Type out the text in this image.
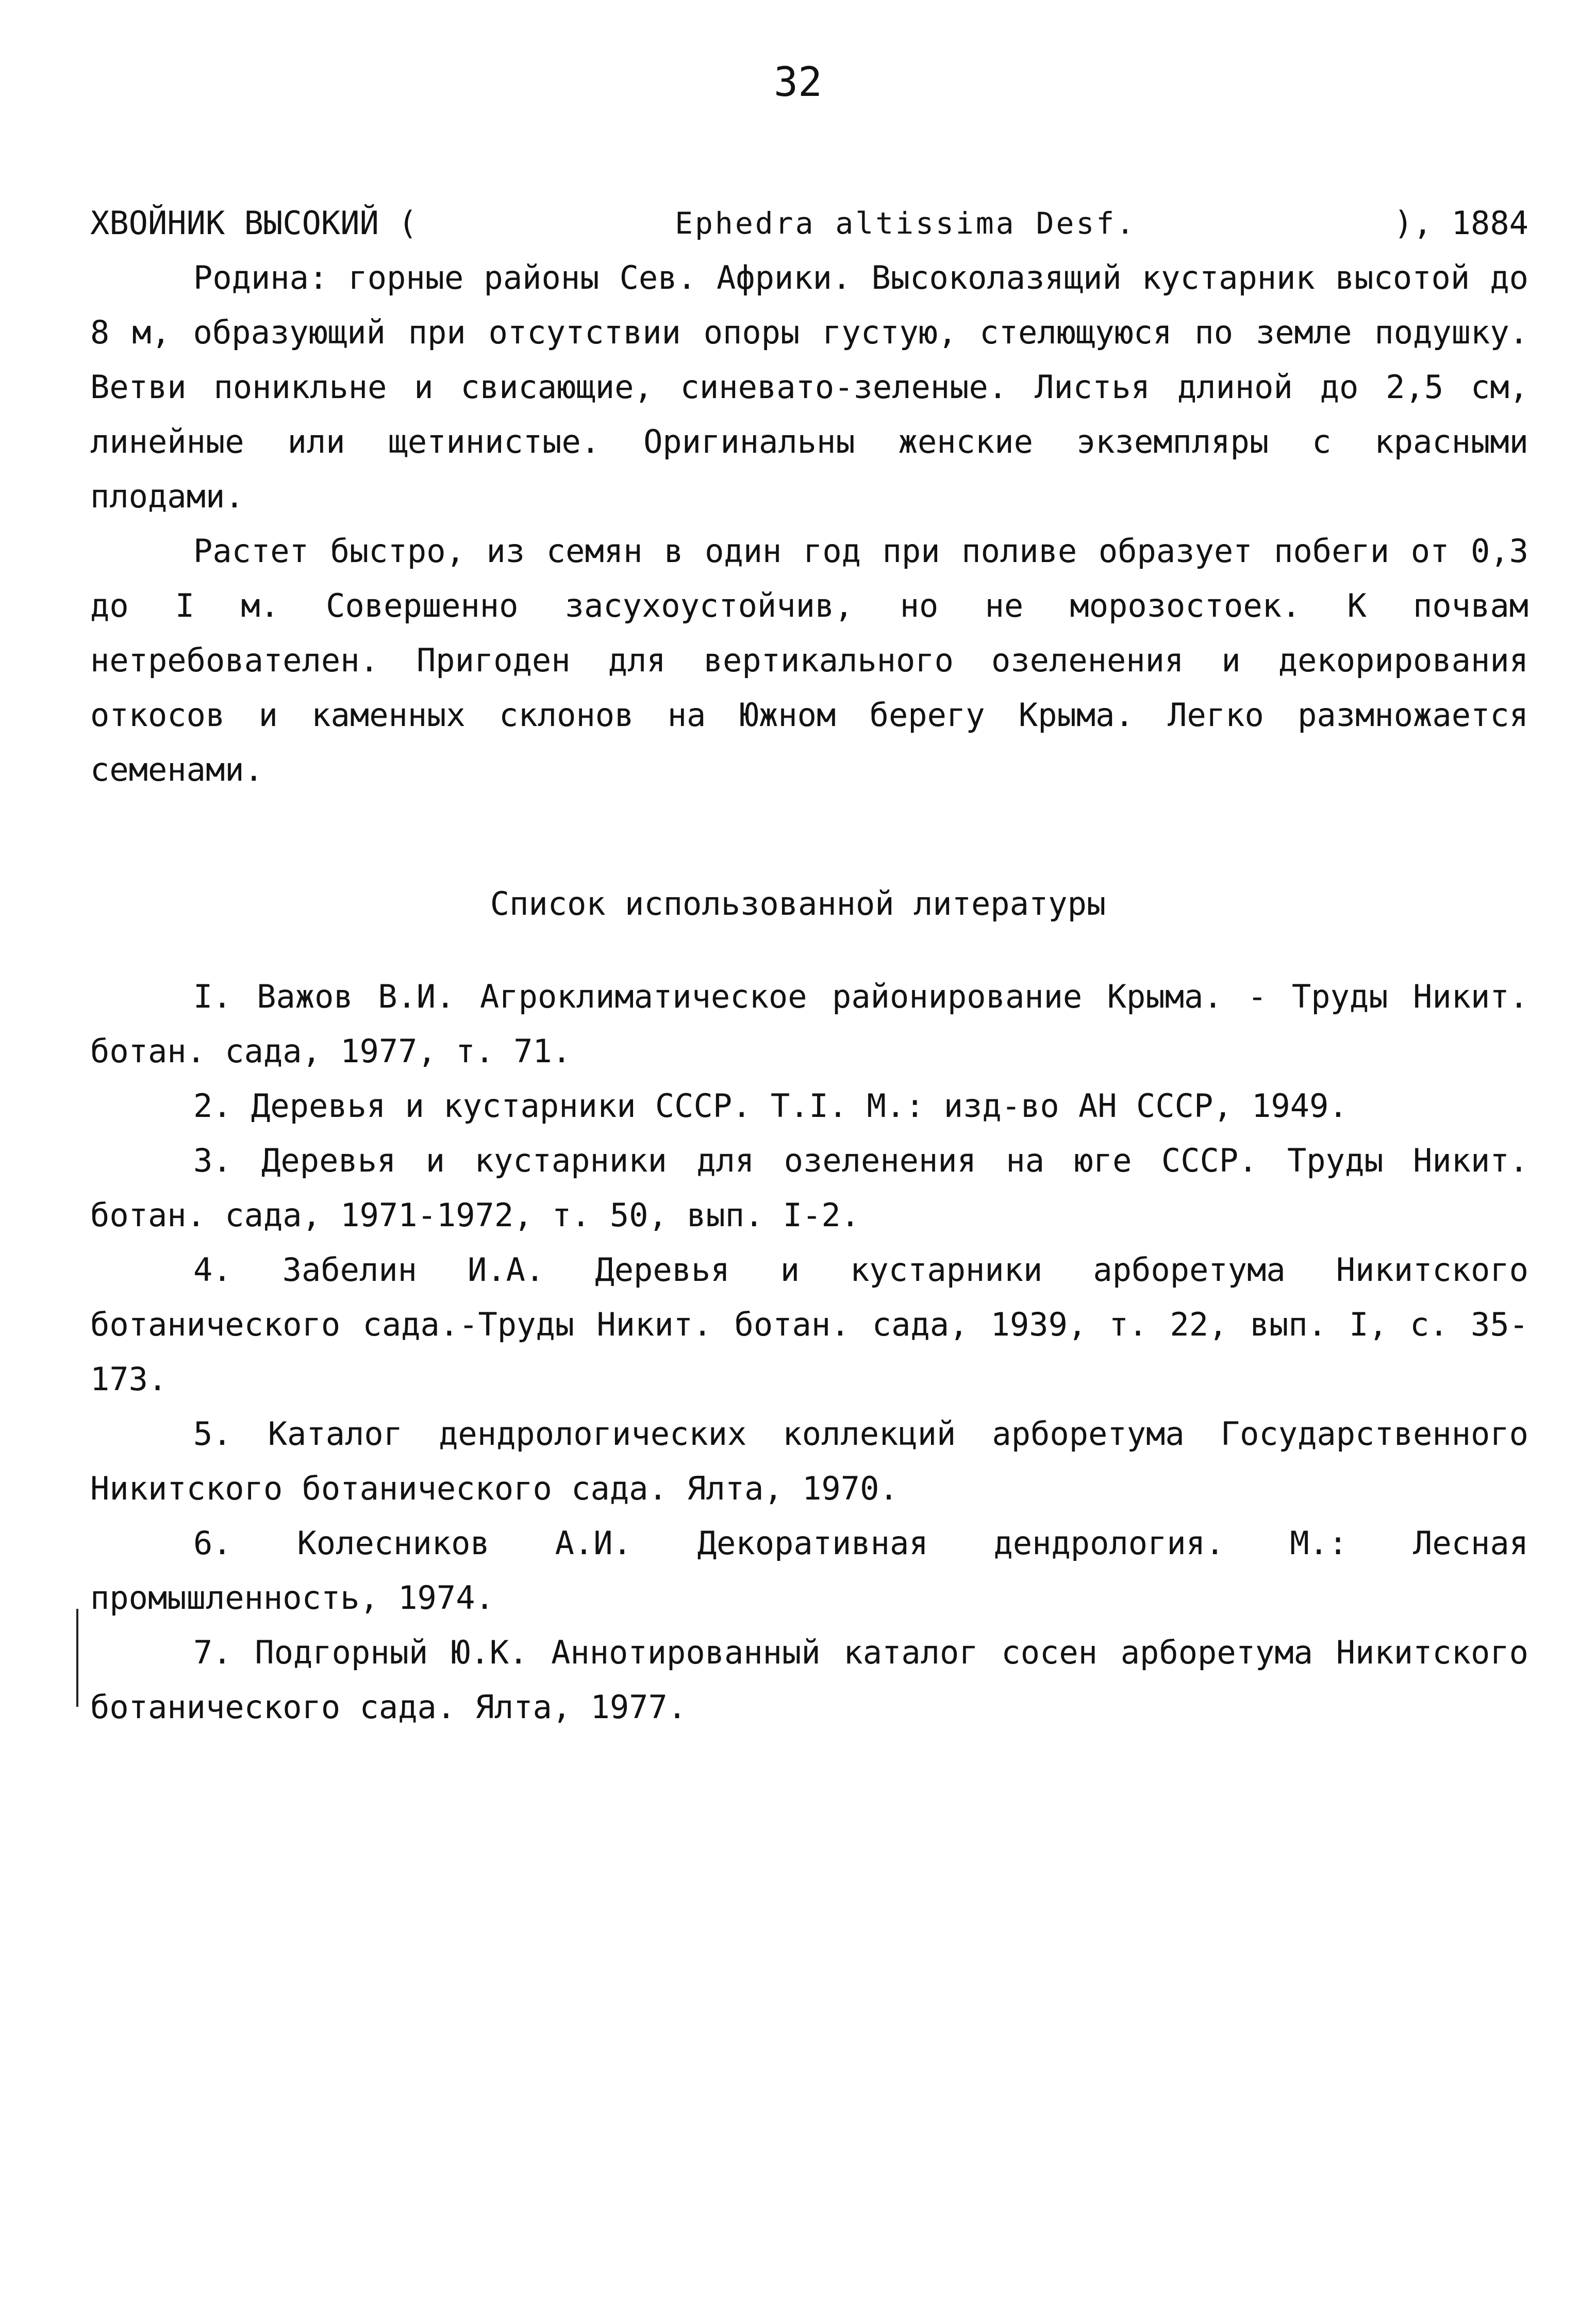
32

ХВОЙНИК ВЫСОКИЙ (	Ephedra altissima Desf.	), 1884

Родина: горные районы Сев. Африки. Высоколазящий кустарник высотой до 8 м, образующий при отсутствии опоры густую, стелющуюся по земле подушку. Ветви поникльне и свисающие, синевато-зеленые. Листья длиной до 2,5 см, линейные или щетинистые. Оригинальны женские экземпляры с красными плодами.

Растет быстро, из семян в один год при поливе образует побеги от 0,3 до I м. Совершенно засухоустойчив, но не морозостоек. К почвам нетребователен. Пригоден для вертикального озеленения и декорирования откосов и каменных склонов на Южном берегу Крыма. Легко размножается семенами.

Список использованной литературы

I. Важов В.И. Агроклиматическое районирование Крыма. - Труды Никит. ботан. сада, 1977, т. 71.

2. Деревья и кустарники СССР. Т.I. М.: изд-во АН СССР, 1949.

3. Деревья и кустарники для озеленения на юге СССР. Труды Никит. ботан. сада, 1971-1972, т. 50, вып. I-2.

4. Забелин И.А. Деревья и кустарники арборетума Никитского ботанического сада.-Труды Никит. ботан. сада, 1939, т. 22, вып. I, с. 35-173.

5. Каталог дендрологических коллекций арборетума Государственного Никитского ботанического сада. Ялта, 1970.

6. Колесников А.И. Декоративная дендрология. М.: Лесная промышленность, 1974.

7. Подгорный Ю.К. Аннотированный каталог сосен арборетума Никитского ботанического сада. Ялта, 1977.
